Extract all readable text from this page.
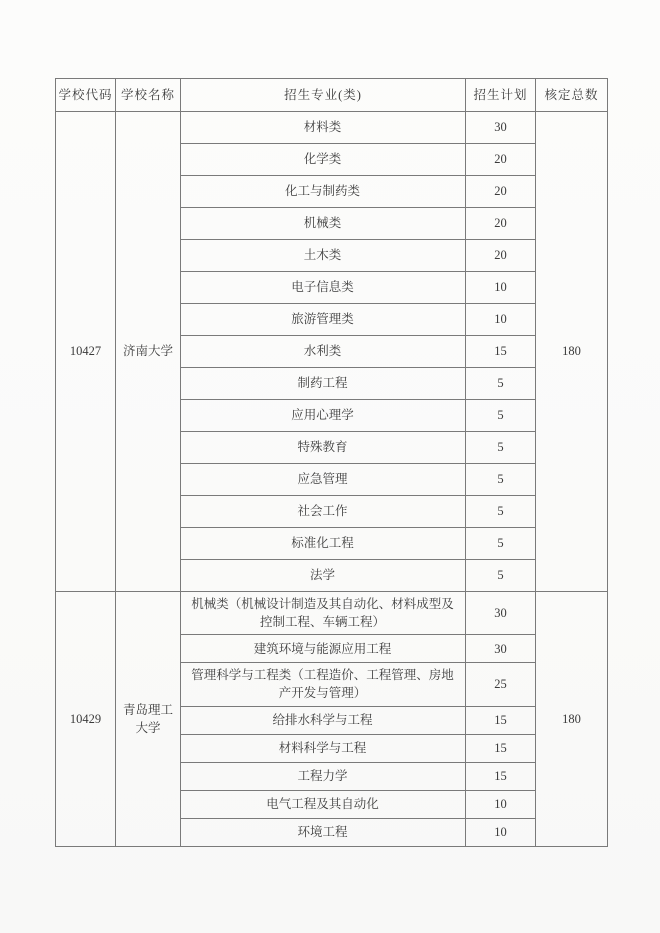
学校代码	学校名称	招生专业(类)	招生计划	核定总数
10427	济南大学	材料类	30	180
		化学类	20	
		化工与制药类	20	
		机械类	20	
		土木类	20	
		电子信息类	10	
		旅游管理类	10	
		水利类	15	
		制药工程	5	
		应用心理学	5	
		特殊教育	5	
		应急管理	5	
		社会工作	5	
		标准化工程	5	
		法学	5	
10429	青岛理工大学	机械类（机械设计制造及其自动化、材料成型及控制工程、车辆工程）	30	180
		建筑环境与能源应用工程	30	
		管理科学与工程类（工程造价、工程管理、房地产开发与管理）	25	
		给排水科学与工程	15	
		材料科学与工程	15	
		工程力学	15	
		电气工程及其自动化	10	
		环境工程	10	
